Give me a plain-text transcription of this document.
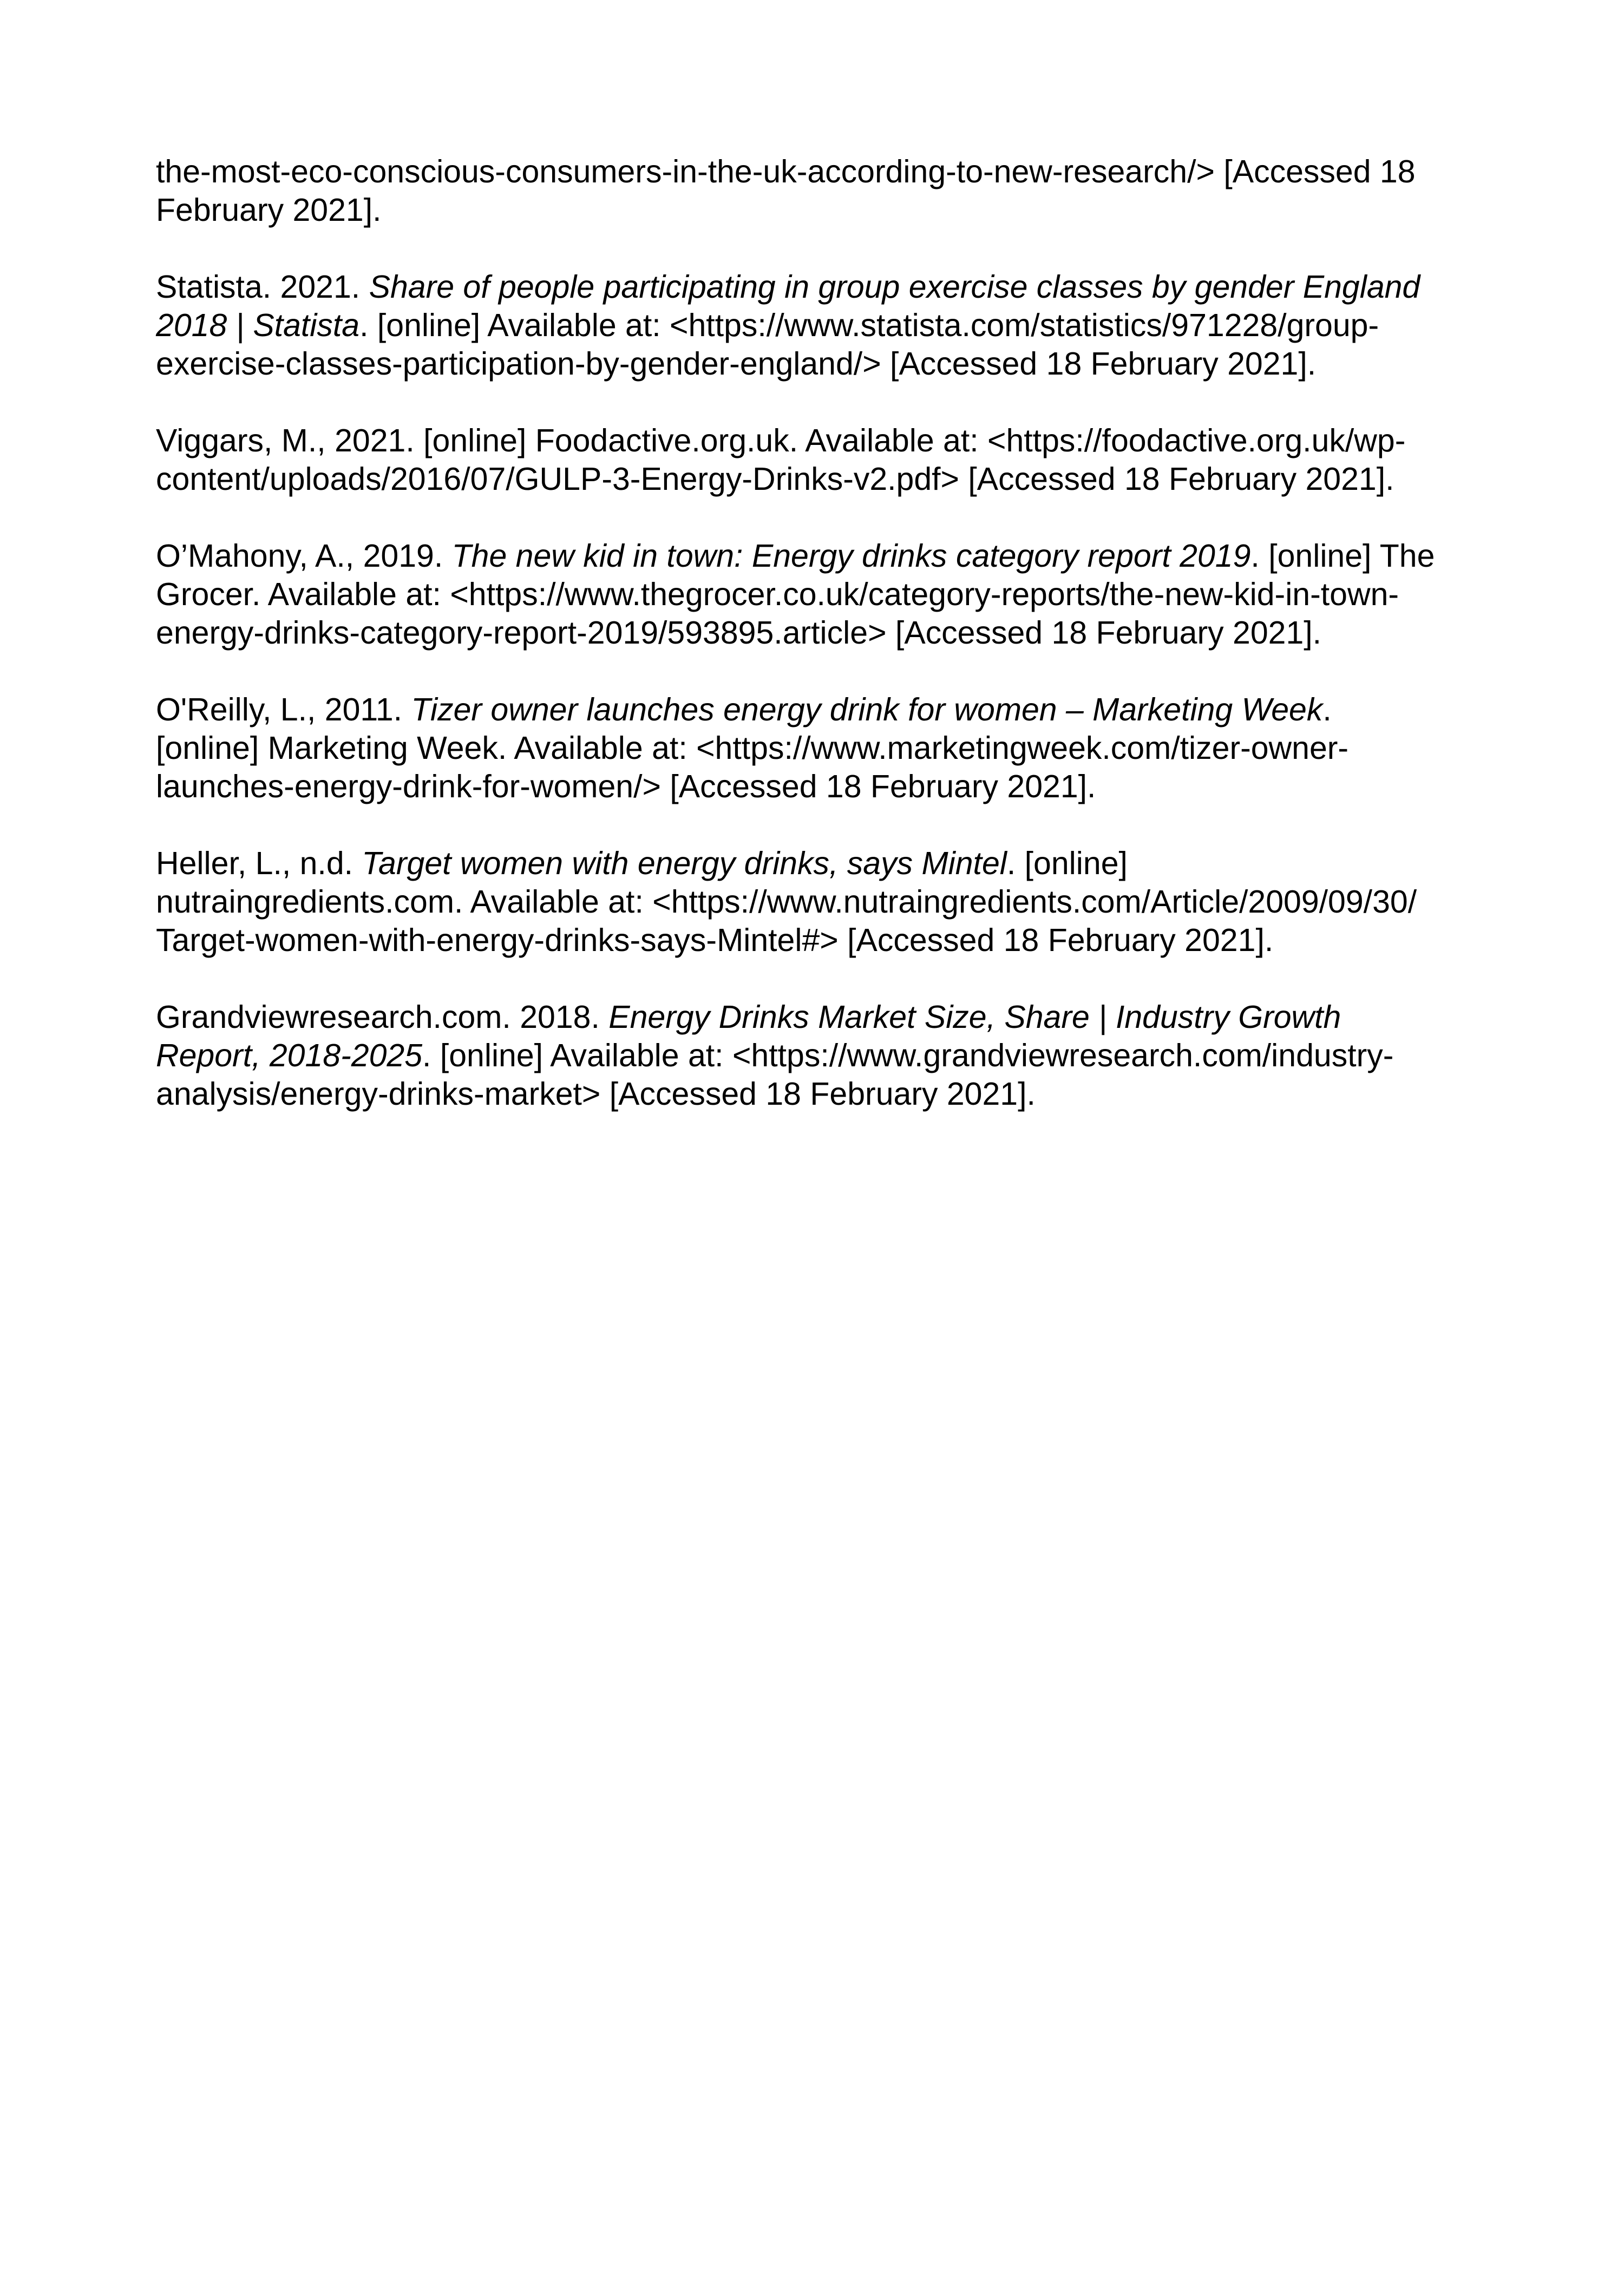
the-most-eco-conscious-consumers-in-the-uk-according-to-new-research/> [Accessed 18
February 2021].

Statista. 2021. Share of people participating in group exercise classes by gender England
2018 | Statista. [online] Available at: <https://www.statista.com/statistics/971228/group-
exercise-classes-participation-by-gender-england/> [Accessed 18 February 2021].

Viggars, M., 2021. [online] Foodactive.org.uk. Available at: <https://foodactive.org.uk/wp-
content/uploads/2016/07/GULP-3-Energy-Drinks-v2.pdf> [Accessed 18 February 2021].

O’Mahony, A., 2019. The new kid in town: Energy drinks category report 2019. [online] The
Grocer. Available at: <https://www.thegrocer.co.uk/category-reports/the-new-kid-in-town-
energy-drinks-category-report-2019/593895.article> [Accessed 18 February 2021].

O'Reilly, L., 2011. Tizer owner launches energy drink for women – Marketing Week.
[online] Marketing Week. Available at: <https://www.marketingweek.com/tizer-owner-
launches-energy-drink-for-women/> [Accessed 18 February 2021].

Heller, L., n.d. Target women with energy drinks, says Mintel. [online]
nutraingredients.com. Available at: <https://www.nutraingredients.com/Article/2009/09/30/
Target-women-with-energy-drinks-says-Mintel#> [Accessed 18 February 2021].

Grandviewresearch.com. 2018. Energy Drinks Market Size, Share | Industry Growth
Report, 2018-2025. [online] Available at: <https://www.grandviewresearch.com/industry-
analysis/energy-drinks-market> [Accessed 18 February 2021].
